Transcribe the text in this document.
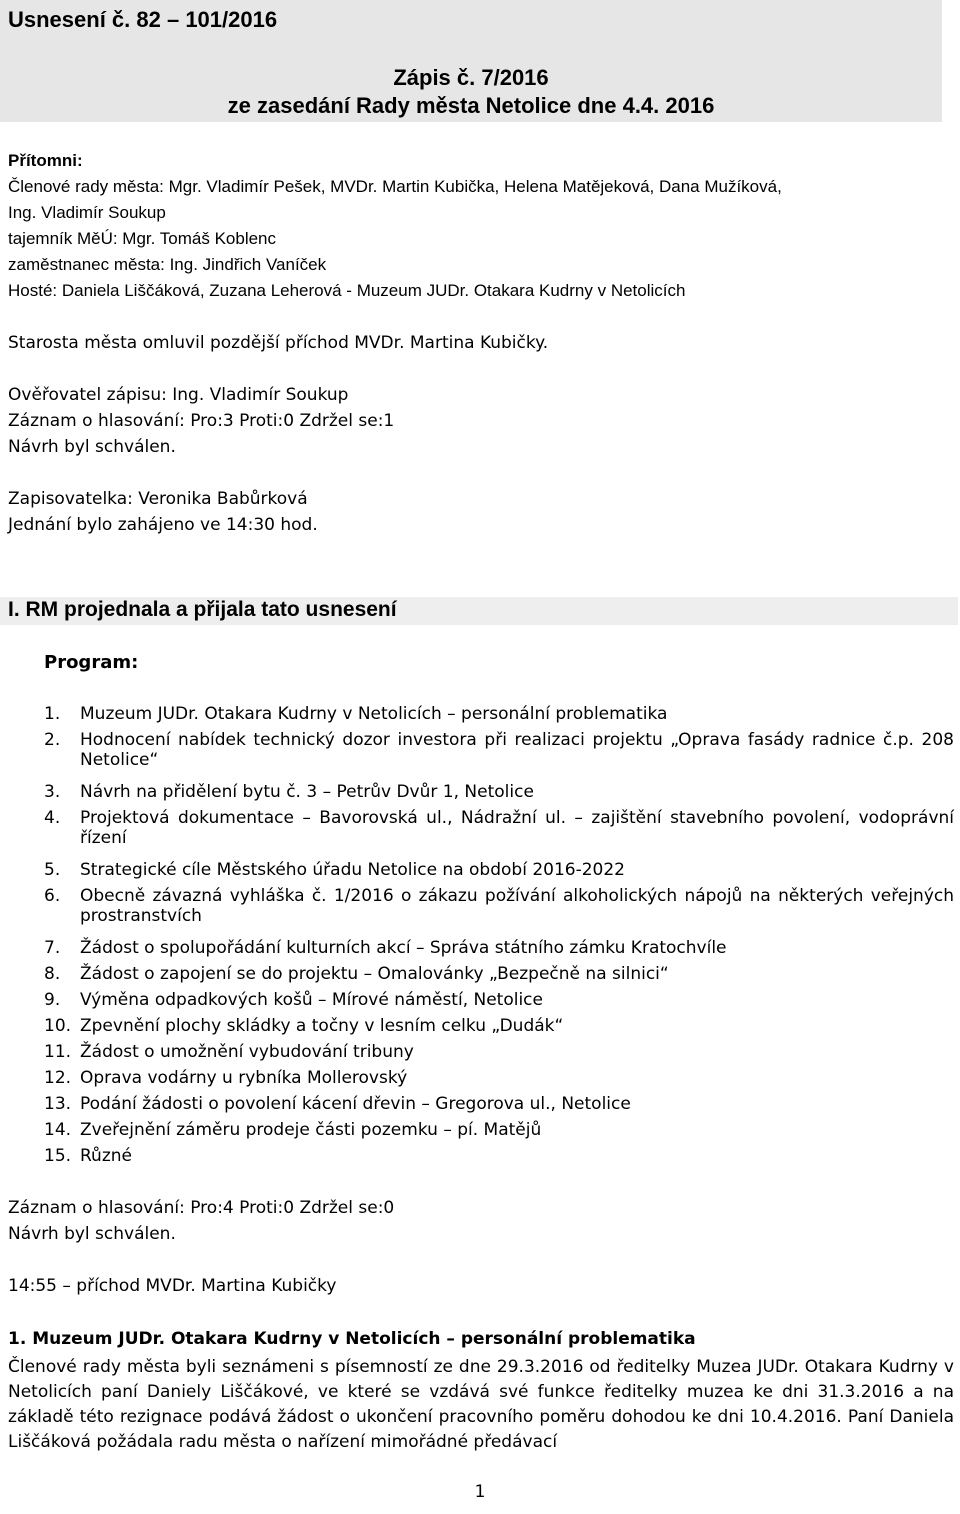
Usnesení č. 82 – 101/2016
Zápis č. 7/2016
ze zasedání Rady města Netolice dne 4.4. 2016
Přítomni:
Členové rady města: Mgr. Vladimír Pešek, MVDr. Martin Kubička, Helena Matějeková, Dana Mužíková,
Ing. Vladimír Soukup
tajemník MěÚ: Mgr. Tomáš Koblenc
zaměstnanec města: Ing. Jindřich Vaníček
Hosté: Daniela Liščáková, Zuzana Leherová - Muzeum JUDr. Otakara Kudrny v Netolicích
Starosta města omluvil pozdější příchod MVDr. Martina Kubičky.
Ověřovatel zápisu: Ing. Vladimír Soukup
Záznam o hlasování: Pro:3 Proti:0 Zdržel se:1
Návrh byl schválen.
Zapisovatelka: Veronika Babůrková
Jednání bylo zahájeno ve 14:30 hod.
I. RM projednala a přijala tato usnesení
Program:
1. Muzeum JUDr. Otakara Kudrny v Netolicích – personální problematika
2. Hodnocení nabídek technický dozor investora při realizaci projektu „Oprava fasády radnice č.p. 208 Netolice“
3. Návrh na přidělení bytu č. 3 – Petrův Dvůr 1, Netolice
4. Projektová dokumentace – Bavorovská ul., Nádražní ul. – zajištění stavebního povolení, vodoprávní řízení
5. Strategické cíle Městského úřadu Netolice na období 2016-2022
6. Obecně závazná vyhláška č. 1/2016 o zákazu požívání alkoholických nápojů na některých veřejných prostranstvích
7. Žádost o spolupořádání kulturních akcí – Správa státního zámku Kratochvíle
8. Žádost o zapojení se do projektu – Omalovánky „Bezpečně na silnici“
9. Výměna odpadkových košů – Mírové náměstí, Netolice
10. Zpevnění plochy skládky a točny v lesním celku „Dudák“
11. Žádost o umožnění vybudování tribuny
12. Oprava vodárny u rybníka Mollerovský
13. Podání žádosti o povolení kácení dřevin – Gregorova ul., Netolice
14. Zveřejnění záměru prodeje části pozemku – pí. Matějů
15. Různé
Záznam o hlasování: Pro:4 Proti:0 Zdržel se:0
Návrh byl schválen.
14:55 – příchod MVDr. Martina Kubičky
1. Muzeum JUDr. Otakara Kudrny v Netolicích – personální problematika
Členové rady města byli seznámeni s písemností ze dne 29.3.2016 od ředitelky Muzea JUDr. Otakara Kudrny v Netolicích paní Daniely Liščákové, ve které se vzdává své funkce ředitelky muzea ke dni 31.3.2016 a na základě této rezignace podává žádost o ukončení pracovního poměru dohodou ke dni 10.4.2016. Paní Daniela Liščáková požádala radu města o nařízení mimořádné předávací
1
